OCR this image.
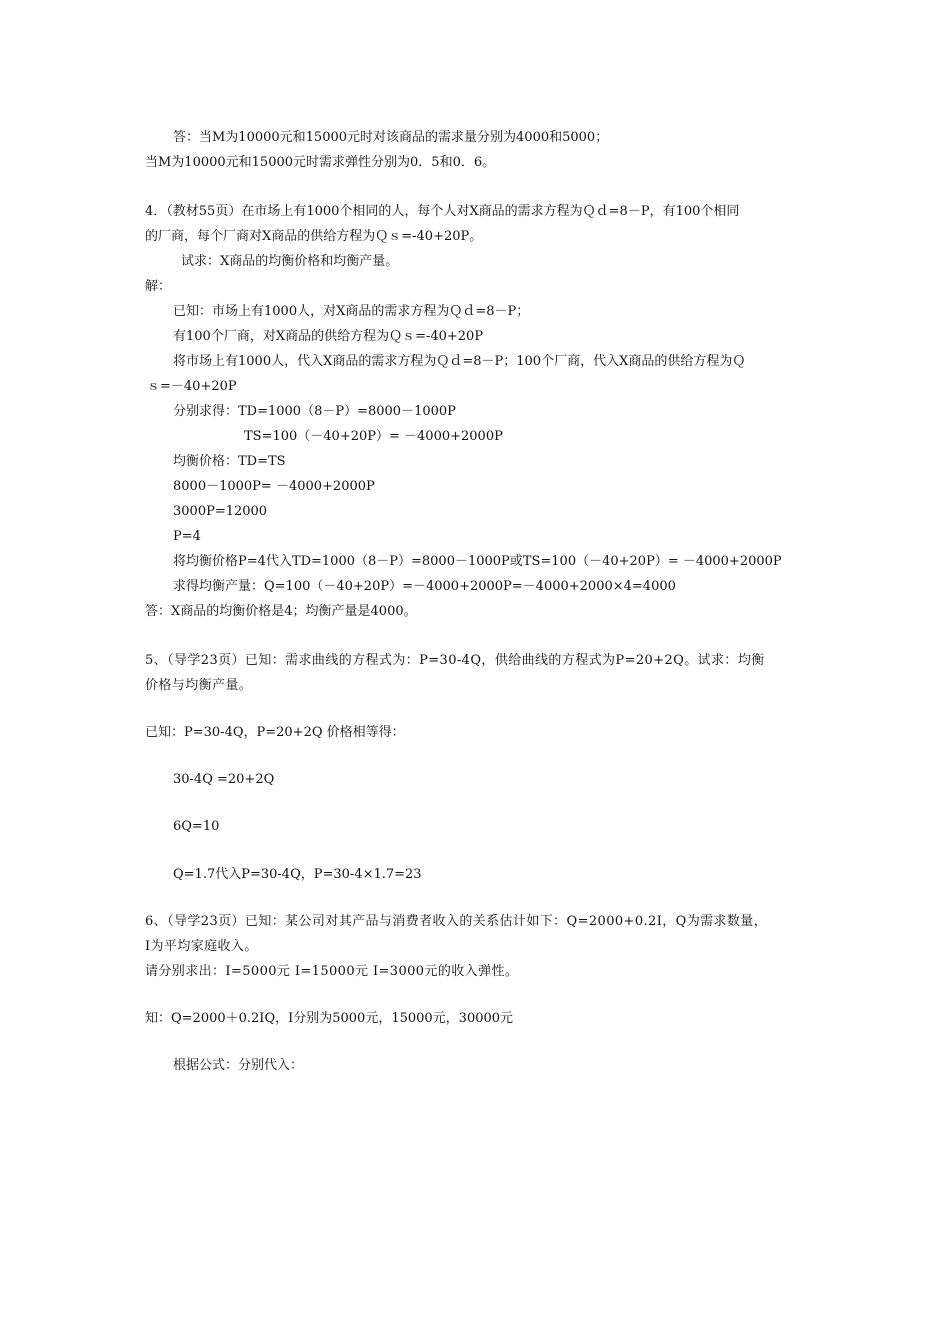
答：当M为10000元和15000元时对该商品的需求量分别为4000和5000；
当M为10000元和15000元时需求弹性分别为0．5和0．6。
4．（教材55页）在市场上有1000个相同的人，每个人对X商品的需求方程为Ｑｄ=8－P，有100个相同
的厂商，每个厂商对X商品的供给方程为Ｑｓ=-40+20P。
试求：X商品的均衡价格和均衡产量。
解：
已知：市场上有1000人，对X商品的需求方程为Ｑｄ=8－P；
有100个厂商，对X商品的供给方程为Ｑｓ=-40+20P
将市场上有1000人，代入X商品的需求方程为Ｑｄ=8－P；100个厂商，代入X商品的供给方程为Ｑ
ｓ=－40+20P
分别求得：TD=1000（8－P）=8000－1000P
TS=100（－40+20P）= －4000+2000P
均衡价格：TD=TS
8000－1000P= －4000+2000P
3000P=12000
P=4
将均衡价格P=4代入TD=1000（8－P）=8000－1000P或TS=100（－40+20P）= －4000+2000P
求得均衡产量：Q=100（－40+20P）=－4000+2000P=－4000+2000×4=4000
答：X商品的均衡价格是4；均衡产量是4000。
5、（导学23页）已知：需求曲线的方程式为：P=30-4Q，供给曲线的方程式为P=20+2Q。试求：均衡
价格与均衡产量。
已知：P=30-4Q，P=20+2Q 价格相等得：
30-4Q =20+2Q
6Q=10
Q=1.7代入P=30-4Q，P=30-4×1.7=23
6、（导学23页）已知：某公司对其产品与消费者收入的关系估计如下：Q=2000+0.2I，Q为需求数量，
I为平均家庭收入。
请分别求出：I=5000元 I=15000元 I=3000元的收入弹性。
知：Q=2000＋0.2IQ，I分别为5000元，15000元，30000元
根据公式：分别代入：
